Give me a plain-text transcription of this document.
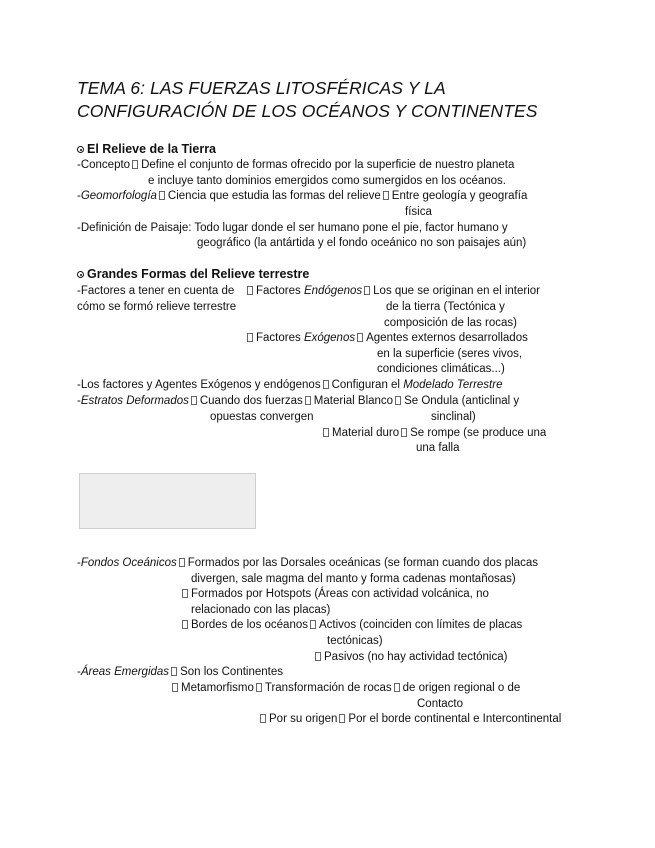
TEMA 6: LAS FUERZAS LITOSFÉRICAS Y LA
CONFIGURACIÓN DE LOS OCÉANOS Y CONTINENTES
El Relieve de la Tierra
-Concepto Define el conjunto de formas ofrecido por la superficie de nuestro planeta
e incluye tanto dominios emergidos como sumergidos en los océanos.
-Geomorfología Ciencia que estudia las formas del relieve Entre geología y geografía
física
-Definición de Paisaje: Todo lugar donde el ser humano pone el pie, factor humano y
geográfico (la antártida y el fondo oceánico no son paisajes aún)
Grandes Formas del Relieve terrestre
-Factores a tener en cuenta de
cómo se formó relieve terrestre
Factores Endógenos Los que se originan en el interior
de la tierra (Tectónica y
composición de las rocas)
Factores Exógenos Agentes externos desarrollados
en la superficie (seres vivos,
condiciones climáticas...)
-Los factores y Agentes Exógenos y endógenos Configuran el Modelado Terrestre
-Estratos Deformados Cuando dos fuerzas Material Blanco Se Ondula (anticlinal y
opuestas convergen	sinclinal)
Material duro Se rompe (se produce una
una falla
-Fondos Oceánicos Formados por las Dorsales oceánicas (se forman cuando dos placas
divergen, sale magma del manto y forma cadenas montañosas)
Formados por Hotspots (Áreas con actividad volcánica, no
relacionado con las placas)
Bordes de los océanos Activos (coinciden con límites de placas
tectónicas)
Pasivos (no hay actividad tectónica)
-Áreas Emergidas Son los Continentes
Metamorfismo Transformación de rocas de origen regional o de
Contacto
Por su origen Por el borde continental e Intercontinental
